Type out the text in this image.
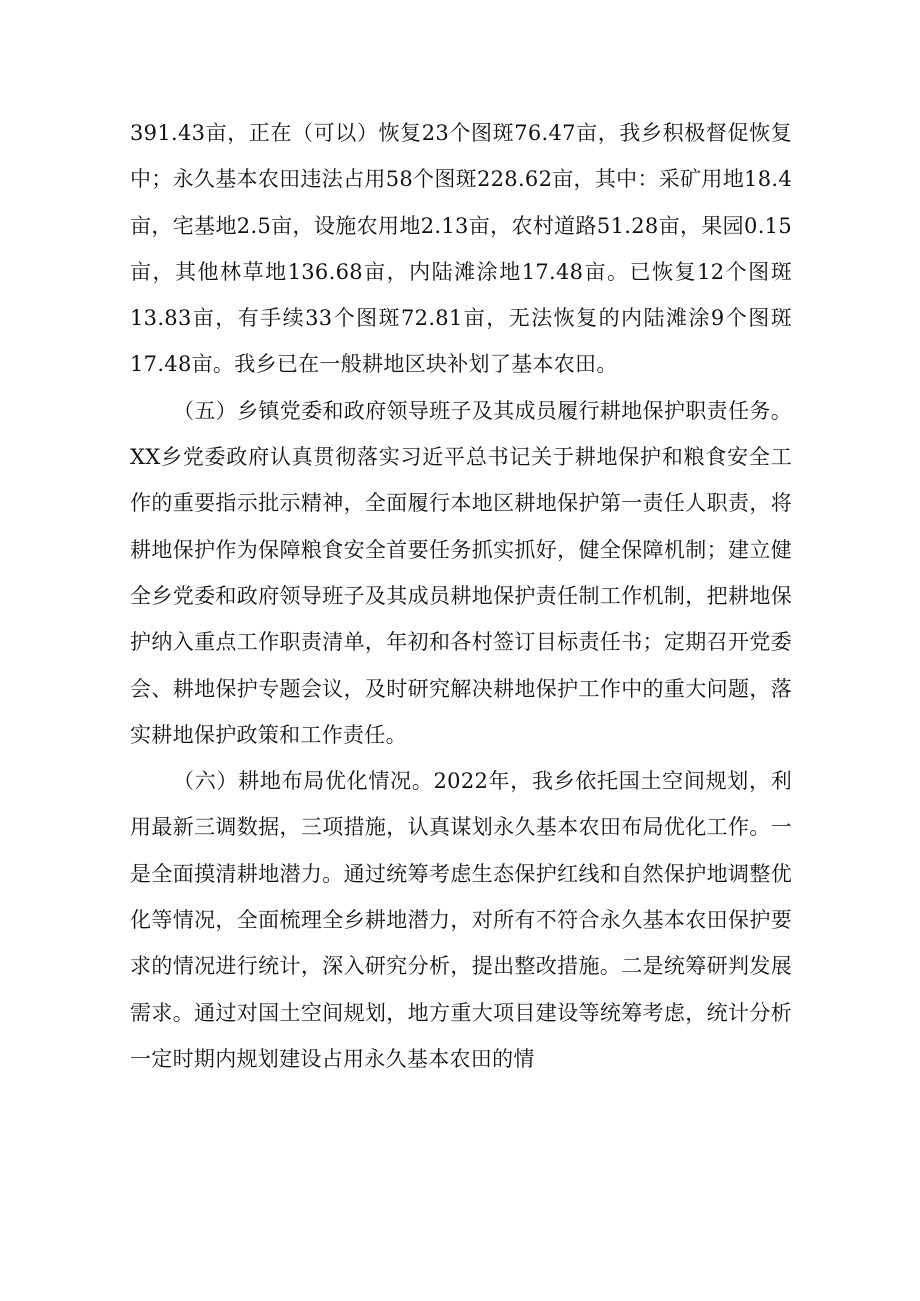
391.43亩，正在（可以）恢复23个图斑76.47亩，我乡积极督促恢复中；永久基本农田违法占用58个图斑228.62亩，其中：采矿用地18.4亩，宅基地2.5亩，设施农用地2.13亩，农村道路51.28亩，果园0.15亩，其他林草地136.68亩，内陆滩涂地17.48亩。已恢复12个图斑13.83亩，有手续33个图斑72.81亩，无法恢复的内陆滩涂9个图斑17.48亩。我乡已在一般耕地区块补划了基本农田。

（五）乡镇党委和政府领导班子及其成员履行耕地保护职责任务。XX乡党委政府认真贯彻落实习近平总书记关于耕地保护和粮食安全工作的重要指示批示精神，全面履行本地区耕地保护第一责任人职责，将耕地保护作为保障粮食安全首要任务抓实抓好，健全保障机制；建立健全乡党委和政府领导班子及其成员耕地保护责任制工作机制，把耕地保护纳入重点工作职责清单，年初和各村签订目标责任书；定期召开党委会、耕地保护专题会议，及时研究解决耕地保护工作中的重大问题，落实耕地保护政策和工作责任。

（六）耕地布局优化情况。2022年，我乡依托国土空间规划，利用最新三调数据，三项措施，认真谋划永久基本农田布局优化工作。一是全面摸清耕地潜力。通过统筹考虑生态保护红线和自然保护地调整优化等情况，全面梳理全乡耕地潜力，对所有不符合永久基本农田保护要求的情况进行统计，深入研究分析，提出整改措施。二是统筹研判发展需求。通过对国土空间规划，地方重大项目建设等统筹考虑，统计分析一定时期内规划建设占用永久基本农田的情
